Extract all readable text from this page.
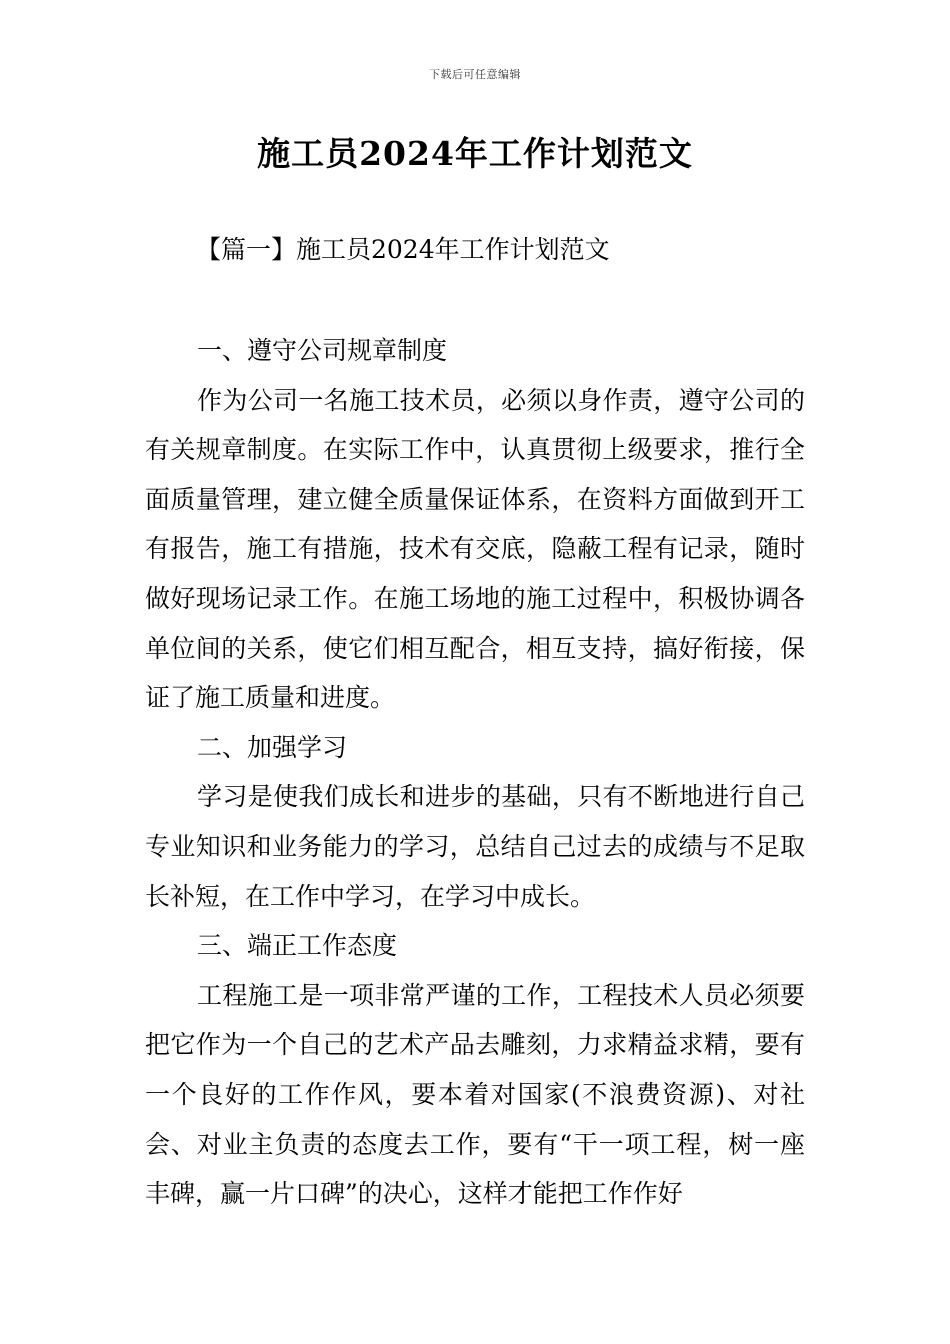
下载后可任意编辑
施工员2024年工作计划范文
【篇一】施工员2024年工作计划范文

一、遵守公司规章制度

作为公司一名施工技术员，必须以身作责，遵守公司的有关规章制度。在实际工作中，认真贯彻上级要求，推行全面质量管理，建立健全质量保证体系，在资料方面做到开工有报告，施工有措施，技术有交底，隐蔽工程有记录，随时做好现场记录工作。在施工场地的施工过程中，积极协调各单位间的关系，使它们相互配合，相互支持，搞好衔接，保证了施工质量和进度。

二、加强学习

学习是使我们成长和进步的基础，只有不断地进行自己专业知识和业务能力的学习，总结自己过去的成绩与不足取长补短，在工作中学习，在学习中成长。

三、端正工作态度

工程施工是一项非常严谨的工作，工程技术人员必须要把它作为一个自己的艺术产品去雕刻，力求精益求精，要有一个良好的工作作风，要本着对国家(不浪费资源)、对社会、对业主负责的态度去工作，要有“干一项工程，树一座丰碑，赢一片口碑”的决心，这样才能把工作作好
